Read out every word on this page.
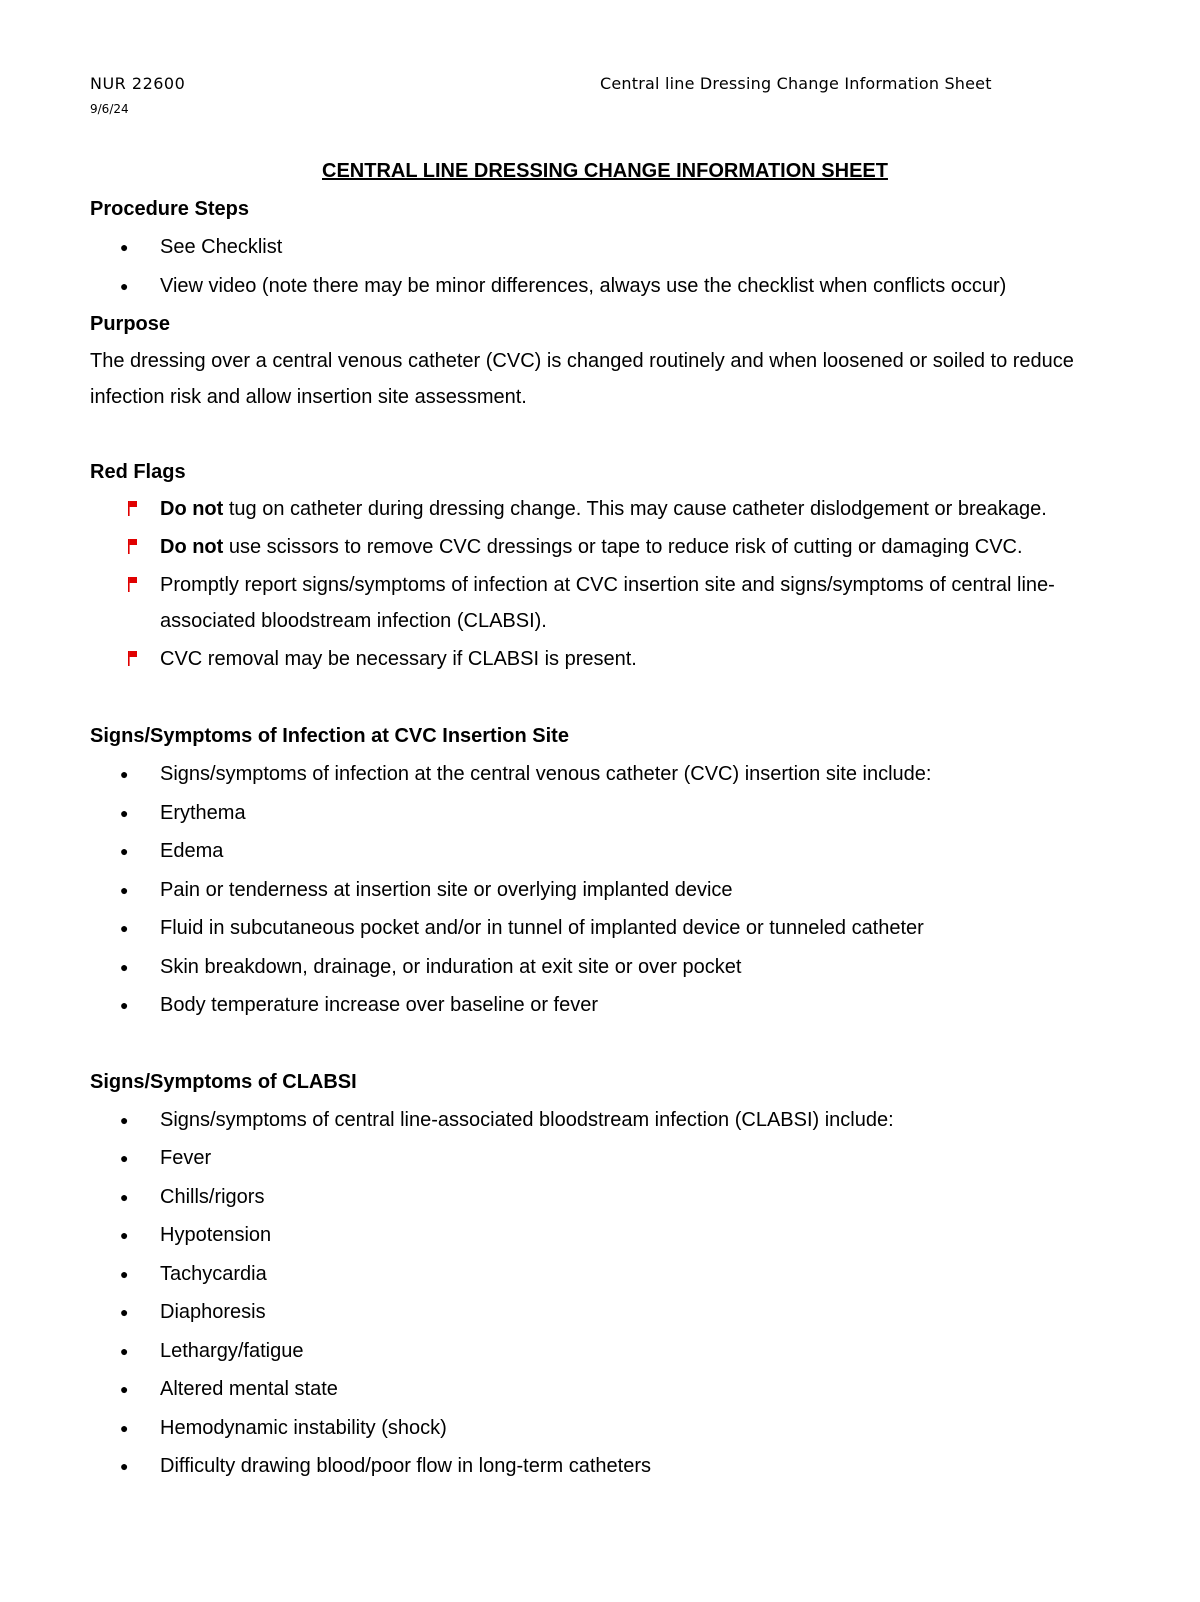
NUR 22600
9/6/24
Central line Dressing Change Information Sheet

CENTRAL LINE DRESSING CHANGE INFORMATION SHEET

Procedure Steps

● See Checklist
● View video (note there may be minor differences, always use the checklist when conflicts occur)

Purpose

The dressing over a central venous catheter (CVC) is changed routinely and when loosened or soiled to reduce infection risk and allow insertion site assessment.

Red Flags

Do not tug on catheter during dressing change. This may cause catheter dislodgement or breakage.
Do not use scissors to remove CVC dressings or tape to reduce risk of cutting or damaging CVC.
Promptly report signs/symptoms of infection at CVC insertion site and signs/symptoms of central line-associated bloodstream infection (CLABSI).
CVC removal may be necessary if CLABSI is present.

Signs/Symptoms of Infection at CVC Insertion Site

● Signs/symptoms of infection at the central venous catheter (CVC) insertion site include:
● Erythema
● Edema
● Pain or tenderness at insertion site or overlying implanted device
● Fluid in subcutaneous pocket and/or in tunnel of implanted device or tunneled catheter
● Skin breakdown, drainage, or induration at exit site or over pocket
● Body temperature increase over baseline or fever

Signs/Symptoms of CLABSI

● Signs/symptoms of central line-associated bloodstream infection (CLABSI) include:
● Fever
● Chills/rigors
● Hypotension
● Tachycardia
● Diaphoresis
● Lethargy/fatigue
● Altered mental state
● Hemodynamic instability (shock)
● Difficulty drawing blood/poor flow in long-term catheters
